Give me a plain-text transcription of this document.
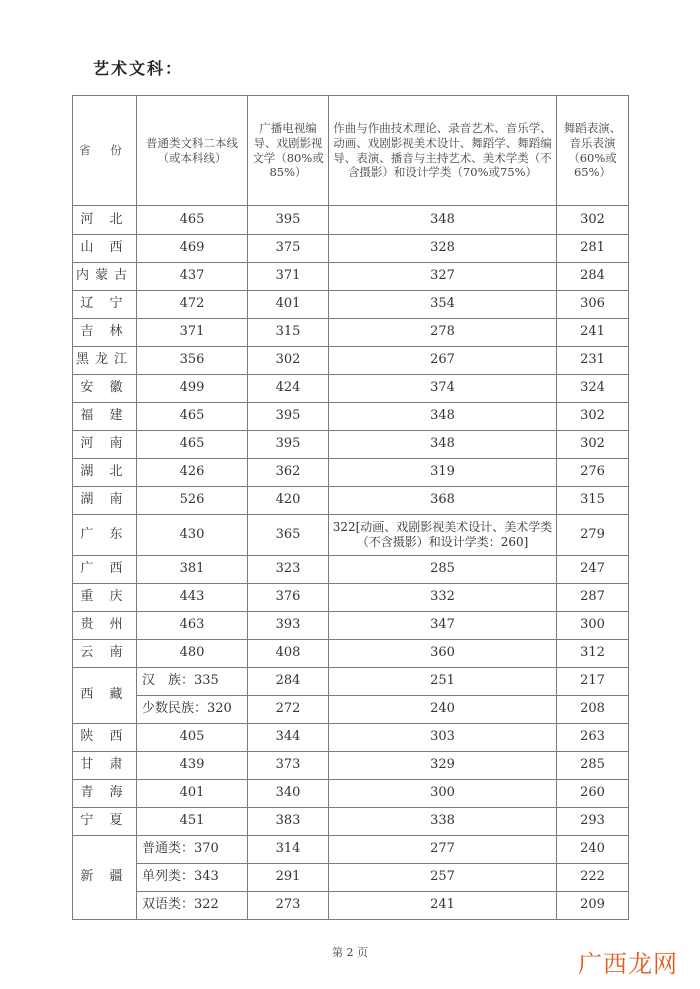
艺术文科：
省 份	普通类文科二本线（或本科线）	广播电视编导、戏剧影视文学（80%或85%）	作曲与作曲技术理论、录音艺术、音乐学、动画、戏剧影视美术设计、舞蹈学、舞蹈编导、表演、播音与主持艺术、美术学类（不含摄影）和设计学类（70%或75%）	舞蹈表演、音乐表演（60%或65%）
河 北	465	395	348	302
山 西	469	375	328	281
内蒙古	437	371	327	284
辽 宁	472	401	354	306
吉 林	371	315	278	241
黑龙江	356	302	267	231
安 徽	499	424	374	324
福 建	465	395	348	302
河 南	465	395	348	302
湖 北	426	362	319	276
湖 南	526	420	368	315
广 东	430	365	322[动画、戏剧影视美术设计、美术学类（不含摄影）和设计学类：260]	279
广 西	381	323	285	247
重 庆	443	376	332	287
贵 州	463	393	347	300
云 南	480	408	360	312
西 藏	汉　族：335	284	251	217
	少数民族：320	272	240	208
陕 西	405	344	303	263
甘 肃	439	373	329	285
青 海	401	340	300	260
宁 夏	451	383	338	293
新 疆	普通类：370	314	277	240
	单列类：343	291	257	222
	双语类：322	273	241	209
第 2 页	广西龙网
